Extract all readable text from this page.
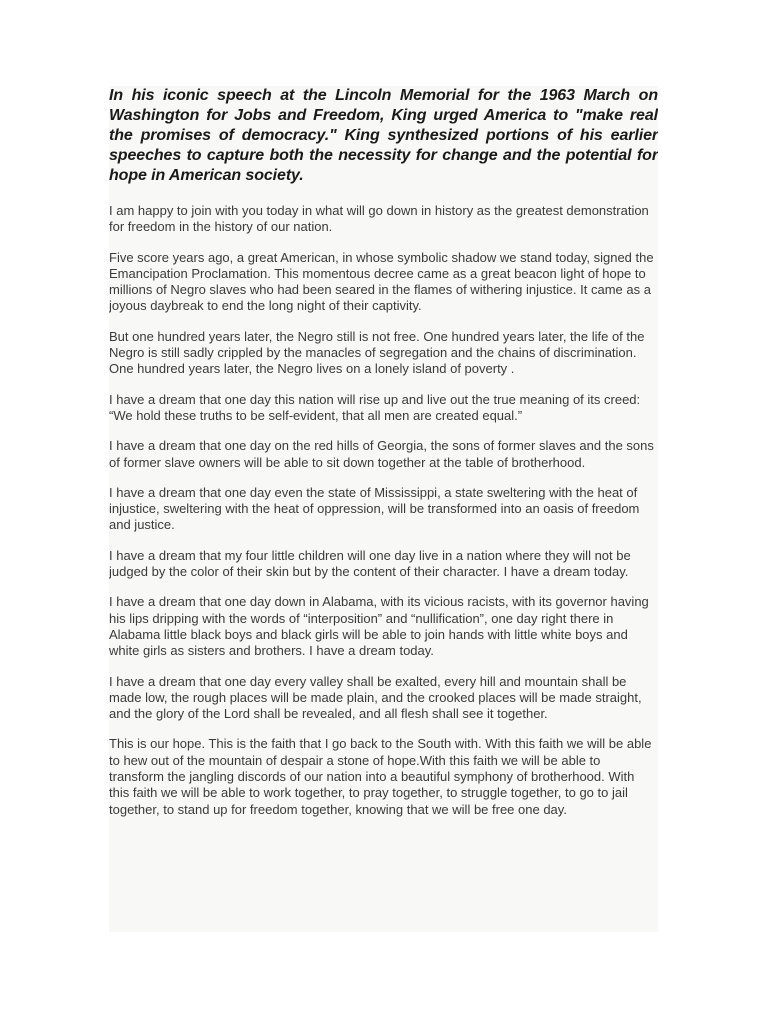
In his iconic speech at the Lincoln Memorial for the 1963 March on Washington for Jobs and Freedom, King urged America to "make real the promises of democracy." King synthesized portions of his earlier speeches to capture both the necessity for change and the potential for hope in American society.

I am happy to join with you today in what will go down in history as the greatest demonstration for freedom in the history of our nation.

Five score years ago, a great American, in whose symbolic shadow we stand today, signed the Emancipation Proclamation. This momentous decree came as a great beacon light of hope to millions of Negro slaves who had been seared in the flames of withering injustice. It came as a joyous daybreak to end the long night of their captivity.

But one hundred years later, the Negro still is not free. One hundred years later, the life of the Negro is still sadly crippled by the manacles of segregation and the chains of discrimination. One hundred years later, the Negro lives on a lonely island of poverty .

I have a dream that one day this nation will rise up and live out the true meaning of its creed: “We hold these truths to be self-evident, that all men are created equal.”

I have a dream that one day on the red hills of Georgia, the sons of former slaves and the sons of former slave owners will be able to sit down together at the table of brotherhood.

I have a dream that one day even the state of Mississippi, a state sweltering with the heat of injustice, sweltering with the heat of oppression, will be transformed into an oasis of freedom and justice.

I have a dream that my four little children will one day live in a nation where they will not be judged by the color of their skin but by the content of their character. I have a dream today.

I have a dream that one day down in Alabama, with its vicious racists, with its governor having his lips dripping with the words of “interposition” and “nullification”, one day right there in Alabama little black boys and black girls will be able to join hands with little white boys and white girls as sisters and brothers. I have a dream today.

I have a dream that one day every valley shall be exalted, every hill and mountain shall be made low, the rough places will be made plain, and the crooked places will be made straight, and the glory of the Lord shall be revealed, and all flesh shall see it together.

This is our hope. This is the faith that I go back to the South with. With this faith we will be able to hew out of the mountain of despair a stone of hope.With this faith we will be able to transform the jangling discords of our nation into a beautiful symphony of brotherhood. With this faith we will be able to work together, to pray together, to struggle together, to go to jail together, to stand up for freedom together, knowing that we will be free one day.
